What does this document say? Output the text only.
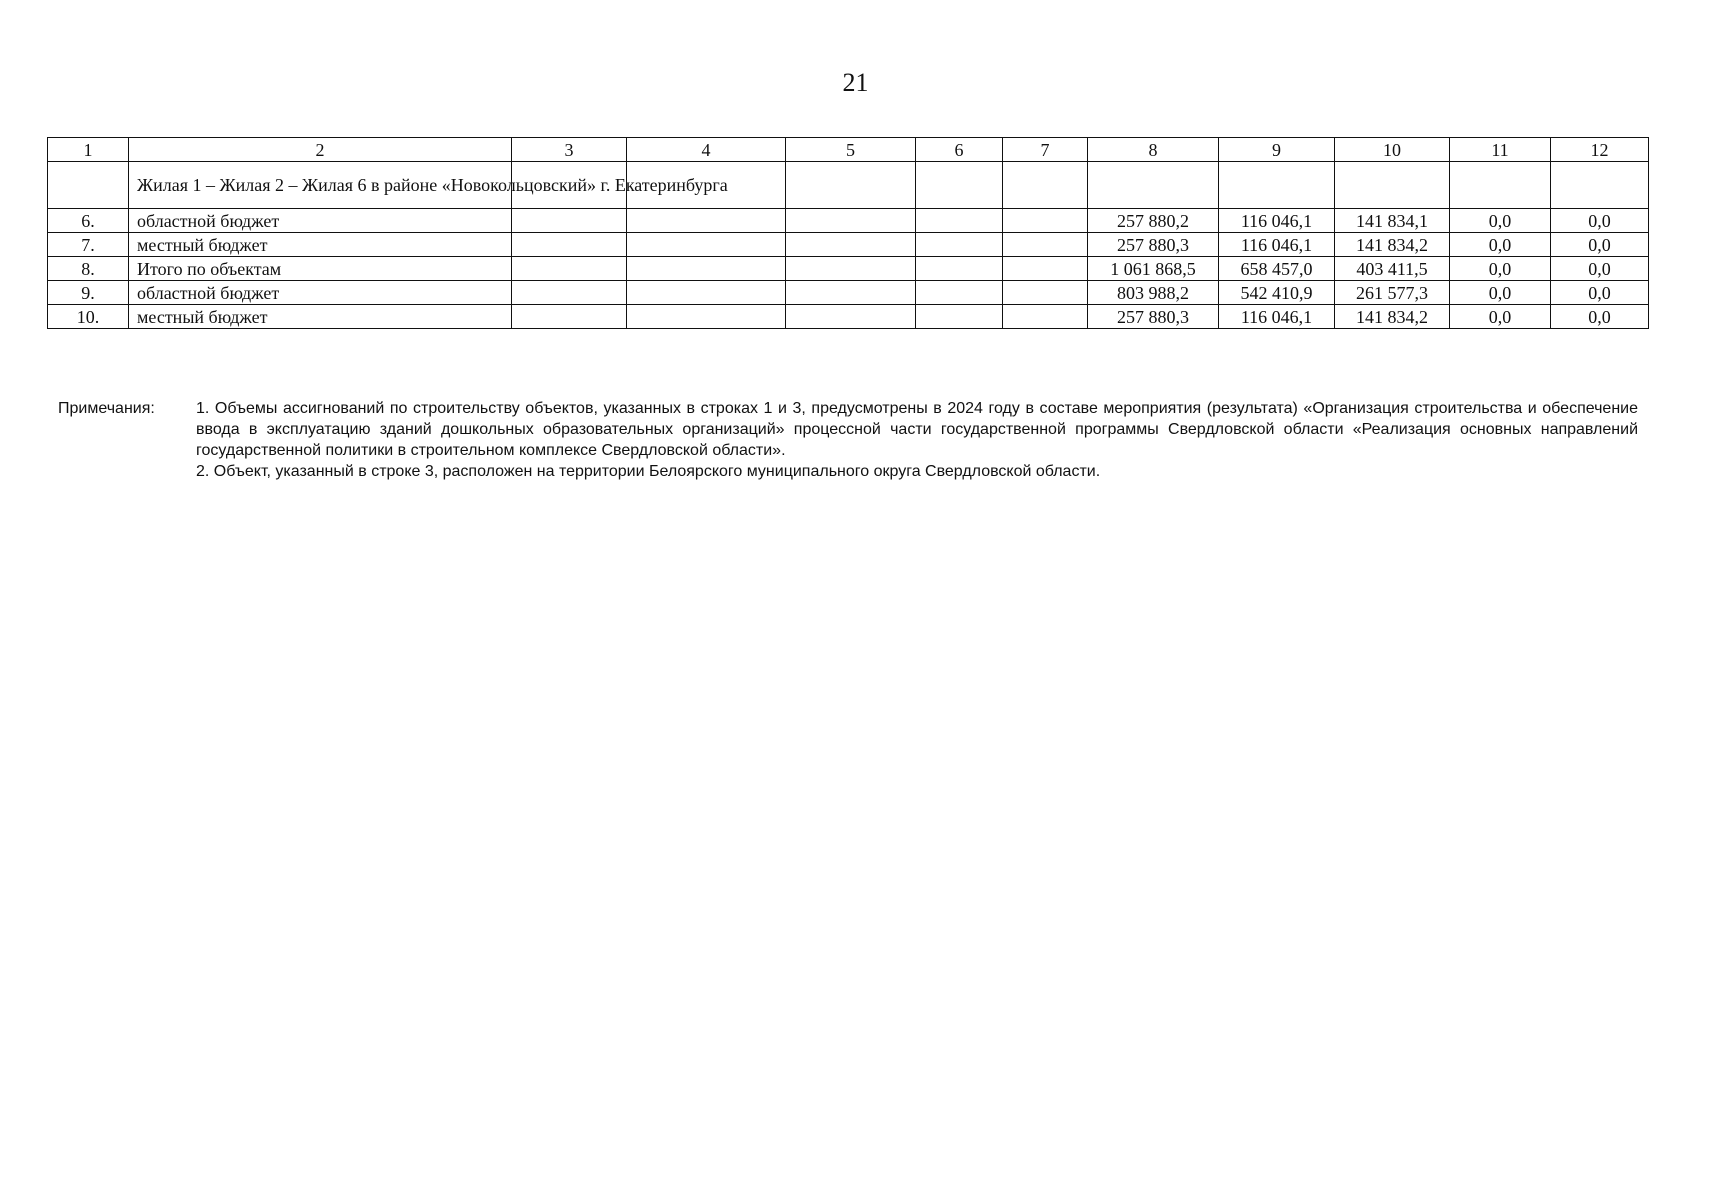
21
1	2	3	4	5	6	7	8	9	10	11	12
	Жилая 1 – Жилая 2 – Жилая 6 в районе «Новокольцовский» г. Екатеринбурга										
6.	областной бюджет						257 880,2	116 046,1	141 834,1	0,0	0,0
7.	местный бюджет						257 880,3	116 046,1	141 834,2	0,0	0,0
8.	Итого по объектам						1 061 868,5	658 457,0	403 411,5	0,0	0,0
9.	областной бюджет						803 988,2	542 410,9	261 577,3	0,0	0,0
10.	местный бюджет						257 880,3	116 046,1	141 834,2	0,0	0,0
Примечания:	1. Объемы ассигнований по строительству объектов, указанных в строках 1 и 3, предусмотрены в 2024 году в составе мероприятия (результата) «Организация строительства и обеспечение ввода в эксплуатацию зданий дошкольных образовательных организаций» процессной части государственной программы Свердловской области «Реализация основных направлений государственной политики в строительном комплексе Свердловской области».
2. Объект, указанный в строке 3, расположен на территории Белоярского муниципального округа Свердловской области.
